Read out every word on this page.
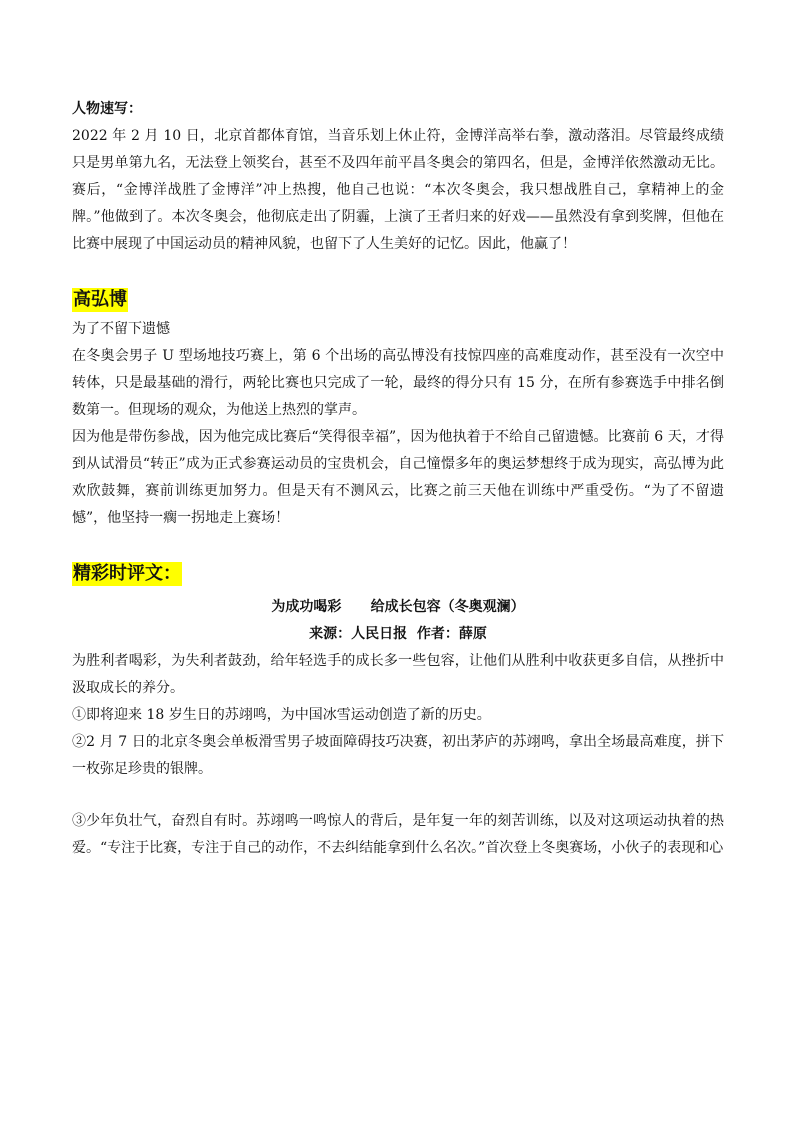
人物速写：

2022 年 2 月 10 日，北京首都体育馆，当音乐划上休止符，金博洋高举右拳，激动落泪。尽管最终成绩只是男单第九名，无法登上领奖台，甚至不及四年前平昌冬奥会的第四名，但是，金博洋依然激动无比。赛后，“金博洋战胜了金博洋”冲上热搜，他自己也说：“本次冬奥会，我只想战胜自己，拿精神上的金牌。”他做到了。本次冬奥会，他彻底走出了阴霾，上演了王者归来的好戏——虽然没有拿到奖牌，但他在比赛中展现了中国运动员的精神风貌，也留下了人生美好的记忆。因此，他赢了！

高弘博

为了不留下遗憾

在冬奥会男子 U 型场地技巧赛上，第 6 个出场的高弘博没有技惊四座的高难度动作，甚至没有一次空中转体，只是最基础的滑行，两轮比赛也只完成了一轮，最终的得分只有 15 分，在所有参赛选手中排名倒数第一。但现场的观众，为他送上热烈的掌声。

因为他是带伤参战，因为他完成比赛后“笑得很幸福”，因为他执着于不给自己留遗憾。比赛前 6 天，才得到从试滑员“转正”成为正式参赛运动员的宝贵机会，自己憧憬多年的奥运梦想终于成为现实，高弘博为此欢欣鼓舞，赛前训练更加努力。但是天有不测风云，比赛之前三天他在训练中严重受伤。“为了不留遗憾”，他坚持一瘸一拐地走上赛场！

精彩时评文：

为成功喝彩      给成长包容（冬奥观澜）

来源：人民日报  作者：薛原

为胜利者喝彩，为失利者鼓劲，给年轻选手的成长多一些包容，让他们从胜利中收获更多自信，从挫折中汲取成长的养分。

①即将迎来 18 岁生日的苏翊鸣，为中国冰雪运动创造了新的历史。

②2 月 7 日的北京冬奥会单板滑雪男子坡面障碍技巧决赛，初出茅庐的苏翊鸣，拿出全场最高难度，拼下一枚弥足珍贵的银牌。

③少年负壮气，奋烈自有时。苏翊鸣一鸣惊人的背后，是年复一年的刻苦训练，以及对这项运动执着的热爱。“专注于比赛，专注于自己的动作，不去纠结能拿到什么名次。”首次登上冬奥赛场，小伙子的表现和心
